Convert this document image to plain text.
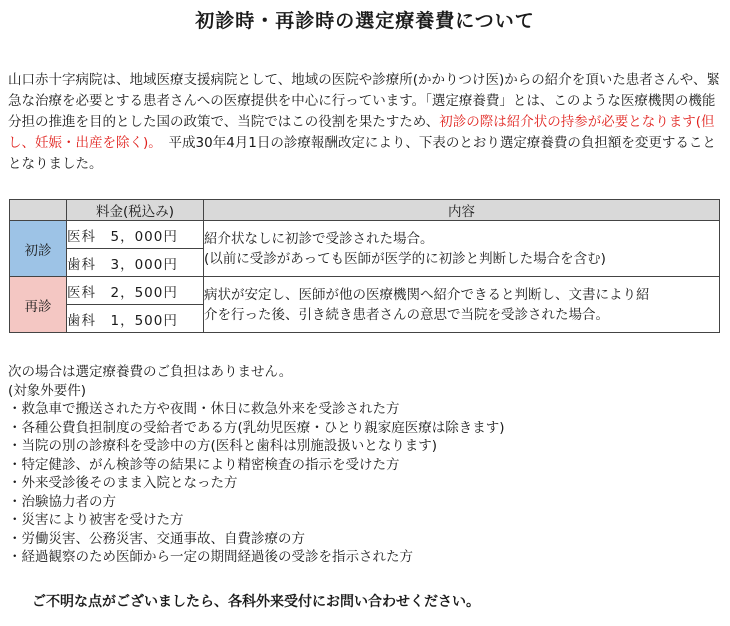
初診時・再診時の選定療養費について
山口赤十字病院は、地域医療支援病院として、地域の医院や診療所(かかりつけ医)からの紹介を頂いた患者さんや、緊急な治療を必要とする患者さんへの医療提供を中心に行っています。「選定療養費」とは、このような医療機関の機能分担の推進を目的とした国の政策で、当院ではこの役割を果たすため、初診の際は紹介状の持参が必要となります(但し、妊娠・出産を除く)。　平成30年4月1日の診療報酬改定により、下表のとおり選定療養費の負担額を変更することとなりました。
	料金(税込み)	内容
初診	医科　5，000円	紹介状なしに初診で受診された場合。
(以前に受診があっても医師が医学的に初診と判断した場合を含む)

	歯科　3，000円	
再診	医科　2，500円	病状が安定し、医師が他の医療機関へ紹介できると判断し、文書により紹
介を行った後、引き続き患者さんの意思で当院を受診された場合。

	歯科　1，500円	
次の場合は選定療養費のご負担はありません。
(対象外要件)
・救急車で搬送された方や夜間・休日に救急外来を受診された方
・各種公費負担制度の受給者である方(乳幼児医療・ひとり親家庭医療は除きます)
・当院の別の診療科を受診中の方(医科と歯科は別施設扱いとなります)
・特定健診、がん検診等の結果により精密検査の指示を受けた方
・外来受診後そのまま入院となった方
・治験協力者の方
・災害により被害を受けた方
・労働災害、公務災害、交通事故、自費診療の方
・経過観察のため医師から一定の期間経過後の受診を指示された方
ご不明な点がございましたら、各科外来受付にお問い合わせください。
